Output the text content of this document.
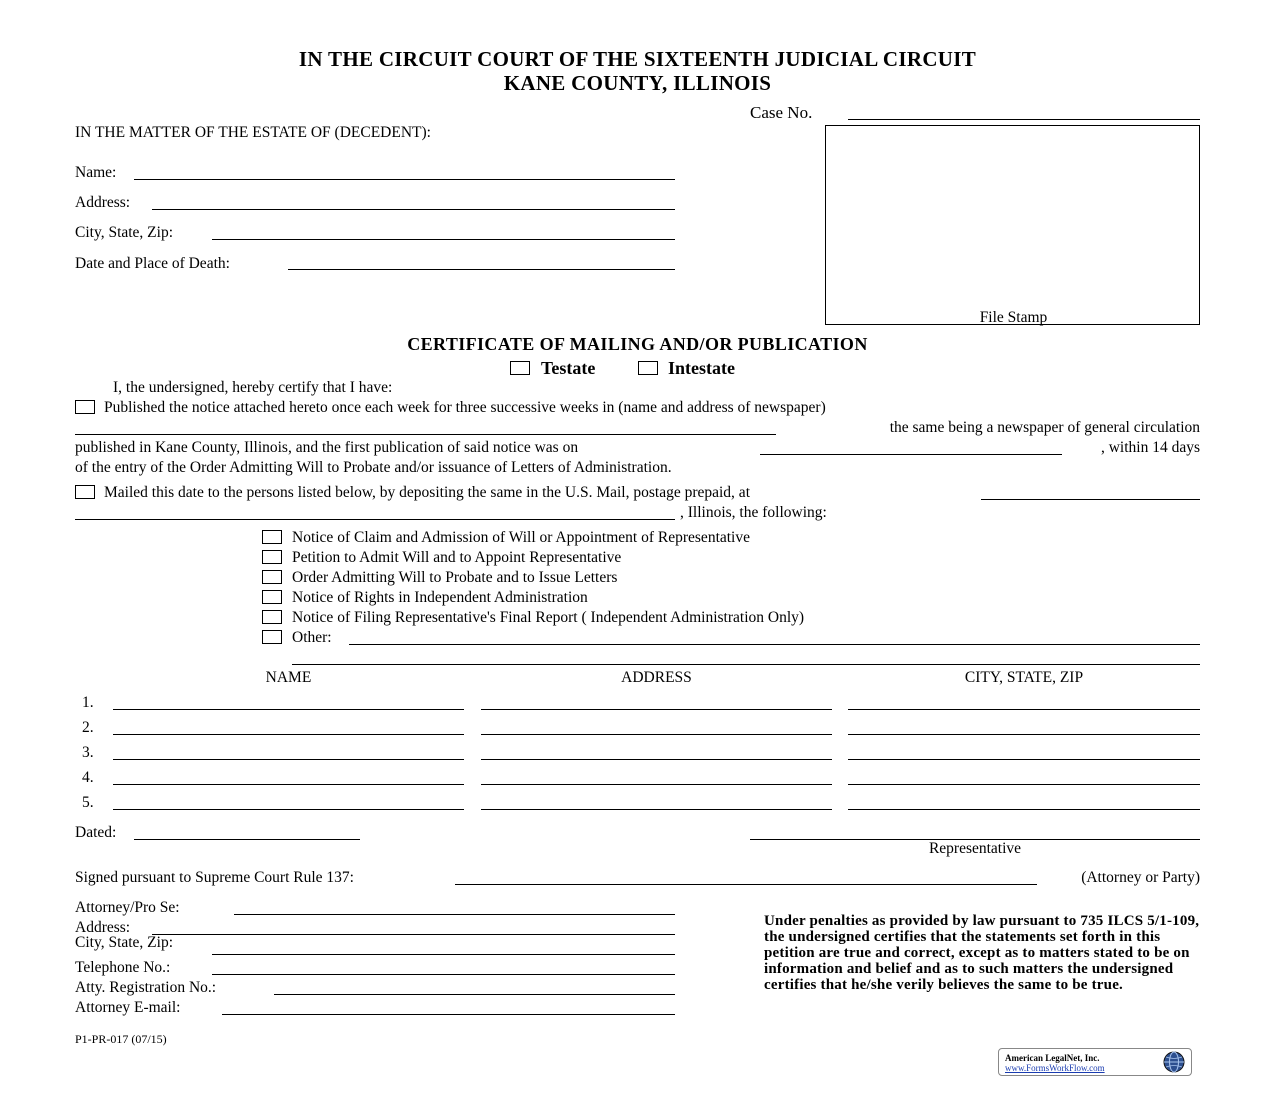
IN THE CIRCUIT COURT OF THE SIXTEENTH JUDICIAL CIRCUIT
KANE COUNTY, ILLINOIS
Case No.
IN THE MATTER OF THE ESTATE OF (DECEDENT):
Name:
Address:
City, State, Zip:
Date and Place of Death:
File Stamp
CERTIFICATE OF MAILING AND/OR PUBLICATION
Testate	Intestate
I, the undersigned, hereby certify that I have:
Published the notice attached hereto once each week for three successive weeks in (name and address of newspaper)
the same being a newspaper of general circulation
published in Kane County, Illinois, and the first publication of said notice was on	, within 14 days
of the entry of the Order Admitting Will to Probate and/or issuance of Letters of Administration.
Mailed this date to the persons listed below, by depositing the same in the U.S. Mail, postage prepaid, at
, Illinois, the following:
Notice of Claim and Admission of Will or Appointment of Representative
Petition to Admit Will and to Appoint Representative
Order Admitting Will to Probate and to Issue Letters
Notice of Rights in Independent Administration
Notice of Filing Representative's Final Report ( Independent Administration Only)
Other:
NAME	ADDRESS	CITY, STATE, ZIP
1.
2.
3.
4.
5.
Dated:
Representative
Signed pursuant to Supreme Court Rule 137:	(Attorney or Party)
Attorney/Pro Se:
Address:
City, State, Zip:
Telephone No.:
Atty. Registration No.:
Attorney E-mail:
Under penalties as provided by law pursuant to 735 ILCS 5/1-109, the undersigned certifies that the statements set forth in this petition are true and correct, except as to matters stated to be on information and belief and as to such matters the undersigned certifies that he/she verily believes the same to be true.
P1-PR-017 (07/15)
American LegalNet, Inc.
www.FormsWorkFlow.com
